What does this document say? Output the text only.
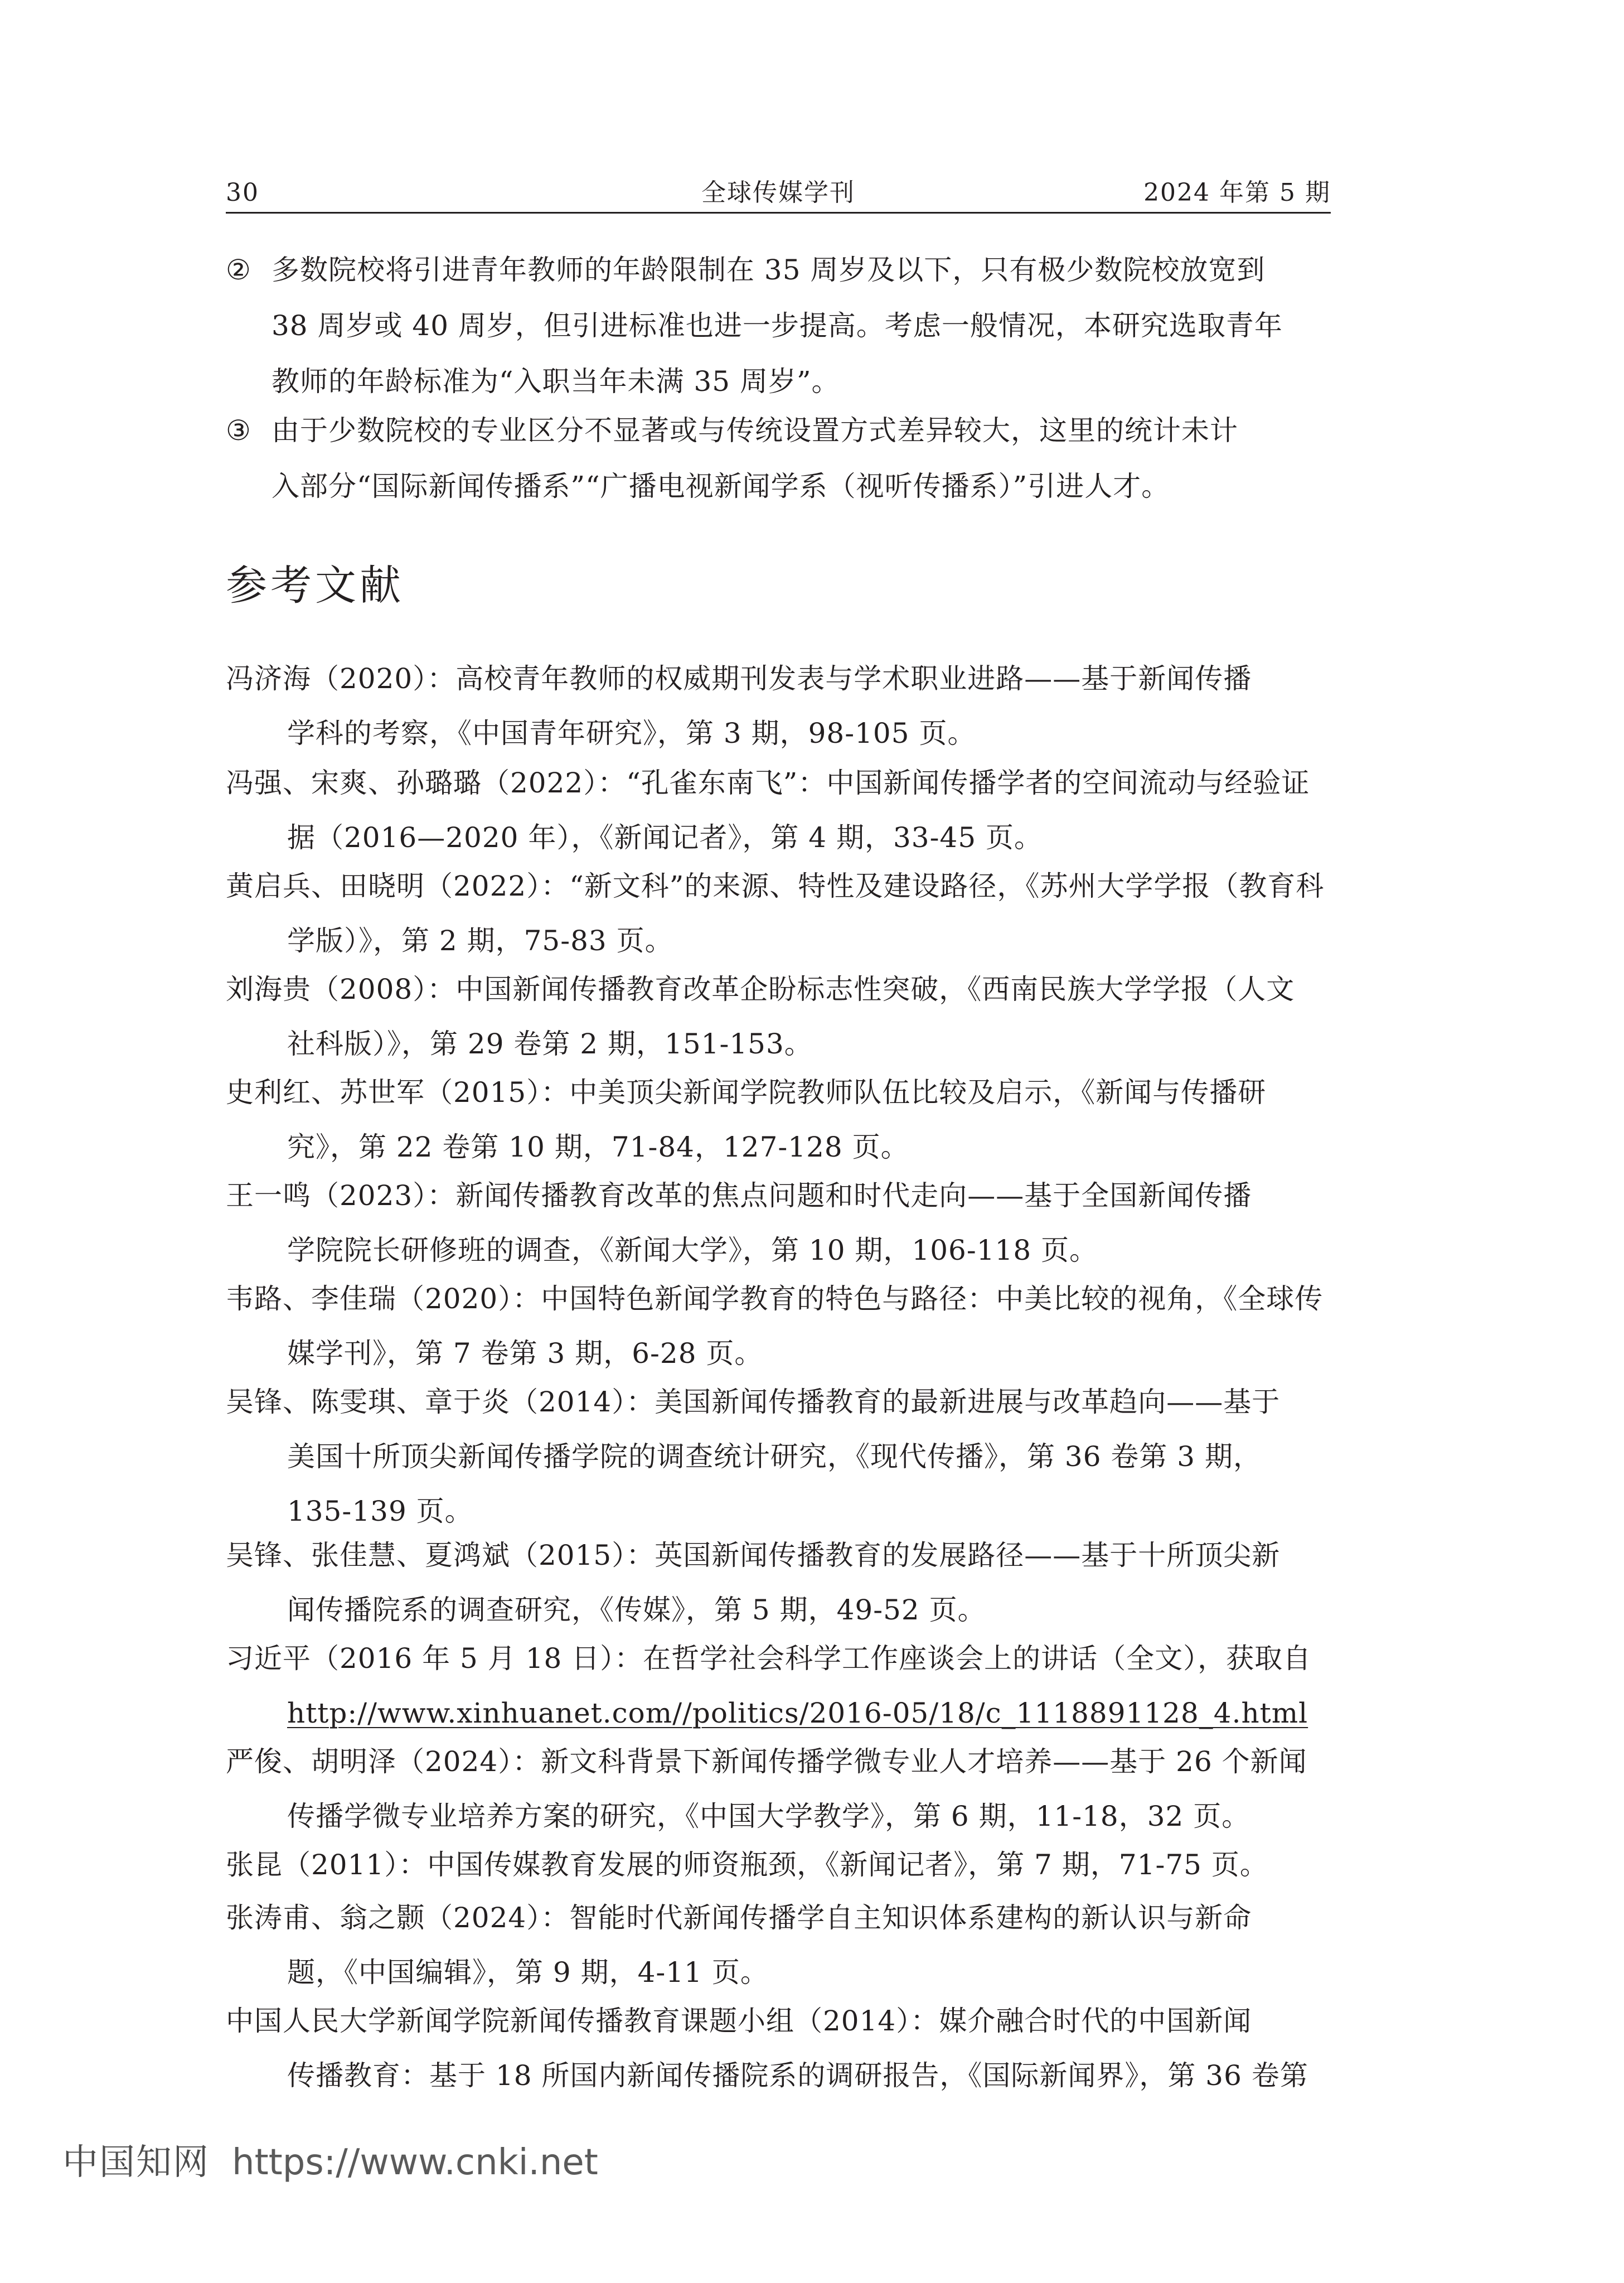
30	全球传媒学刊	2024 年第 5 期
② 多数院校将引进青年教师的年龄限制在 35 周岁及以下，只有极少数院校放宽到
38 周岁或 40 周岁，但引进标准也进一步提高。考虑一般情况，本研究选取青年
教师的年龄标准为“入职当年未满 35 周岁”。
③ 由于少数院校的专业区分不显著或与传统设置方式差异较大，这里的统计未计
入部分“国际新闻传播系”“广播电视新闻学系（视听传播系）”引进人才。
参考文献
冯济海（2020）：高校青年教师的权威期刊发表与学术职业进路——基于新闻传播
学科的考察，《中国青年研究》，第 3 期，98-105 页。
冯强、宋爽、孙璐璐（2022）：“孔雀东南飞”：中国新闻传播学者的空间流动与经验证
据（2016—2020 年），《新闻记者》，第 4 期，33-45 页。
黄启兵、田晓明（2022）：“新文科”的来源、特性及建设路径，《苏州大学学报（教育科
学版）》，第 2 期，75-83 页。
刘海贵（2008）：中国新闻传播教育改革企盼标志性突破，《西南民族大学学报（人文
社科版）》，第 29 卷第 2 期，151-153。
史利红、苏世军（2015）：中美顶尖新闻学院教师队伍比较及启示，《新闻与传播研
究》，第 22 卷第 10 期，71-84，127-128 页。
王一鸣（2023）：新闻传播教育改革的焦点问题和时代走向——基于全国新闻传播
学院院长研修班的调查，《新闻大学》，第 10 期，106-118 页。
韦路、李佳瑞（2020）：中国特色新闻学教育的特色与路径：中美比较的视角，《全球传
媒学刊》，第 7 卷第 3 期，6-28 页。
吴锋、陈雯琪、章于炎（2014）：美国新闻传播教育的最新进展与改革趋向——基于
美国十所顶尖新闻传播学院的调查统计研究，《现代传播》，第 36 卷第 3 期，
135-139 页。
吴锋、张佳慧、夏鸿斌（2015）：英国新闻传播教育的发展路径——基于十所顶尖新
闻传播院系的调查研究，《传媒》，第 5 期，49-52 页。
习近平（2016 年 5 月 18 日）：在哲学社会科学工作座谈会上的讲话（全文），获取自
http://www.xinhuanet.com//politics/2016-05/18/c_1118891128_4.html
严俊、胡明泽（2024）：新文科背景下新闻传播学微专业人才培养——基于 26 个新闻
传播学微专业培养方案的研究，《中国大学教学》，第 6 期，11-18，32 页。
张昆（2011）：中国传媒教育发展的师资瓶颈，《新闻记者》，第 7 期，71-75 页。
张涛甫、翁之颢（2024）：智能时代新闻传播学自主知识体系建构的新认识与新命
题，《中国编辑》，第 9 期，4-11 页。
中国人民大学新闻学院新闻传播教育课题小组（2014）：媒介融合时代的中国新闻
传播教育：基于 18 所国内新闻传播院系的调研报告，《国际新闻界》，第 36 卷第
中国知网 https://www.cnki.net
